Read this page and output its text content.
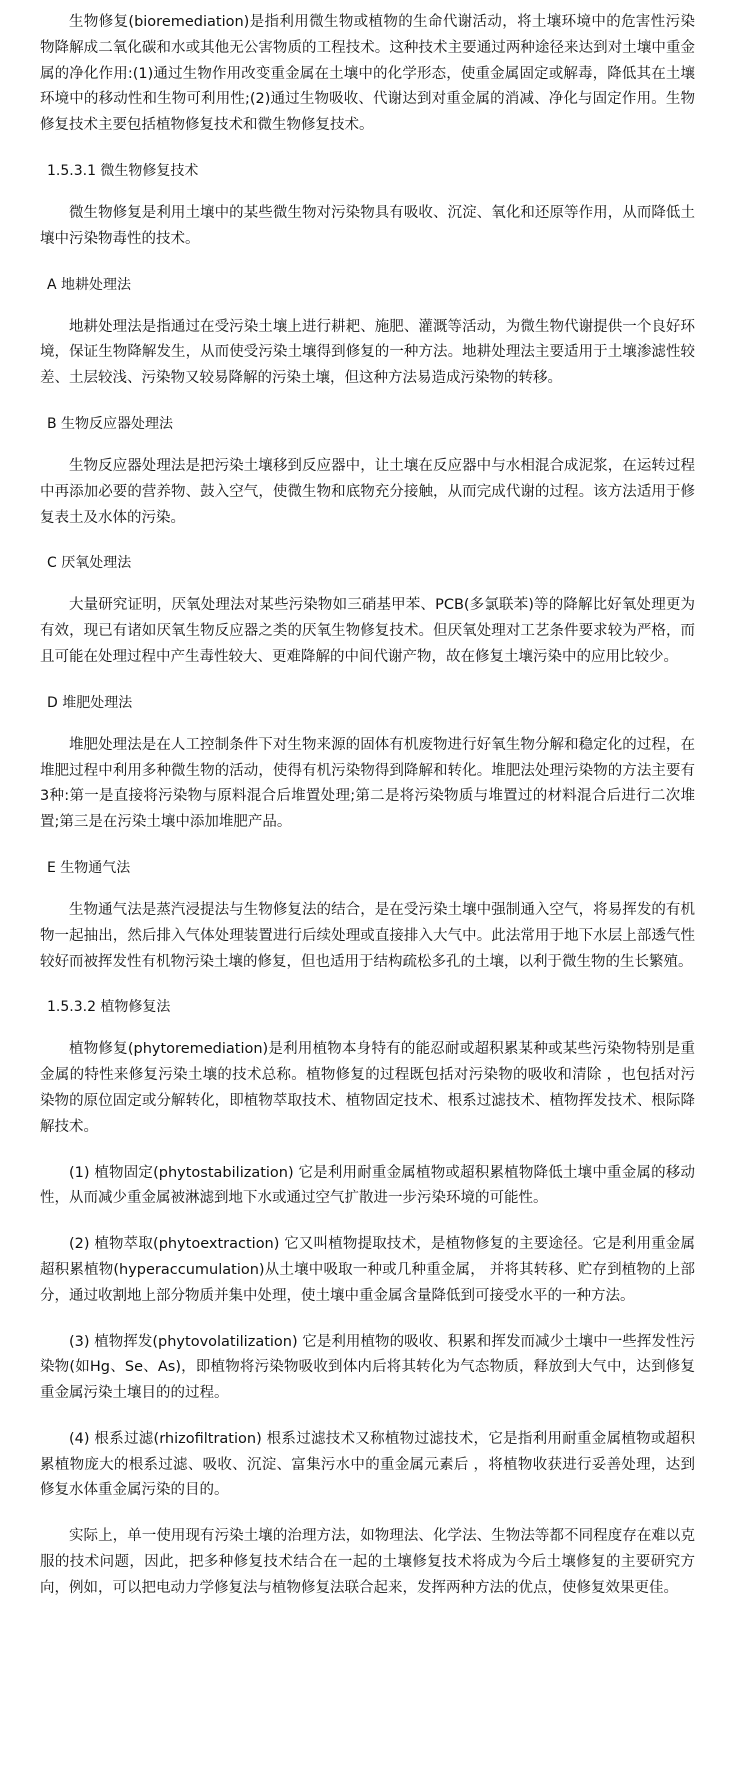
生物修复(bioremediation)是指利用微生物或植物的生命代谢活动，将土壤环境中的危害性污染物降解成二氧化碳和水或其他无公害物质的工程技术。这种技术主要通过两种途径来达到对土壤中重金属的净化作用:(1)通过生物作用改变重金属在土壤中的化学形态，使重金属固定或解毒，降低其在土壤环境中的移动性和生物可利用性;(2)通过生物吸收、代谢达到对重金属的消减、净化与固定作用。生物修复技术主要包括植物修复技术和微生物修复技术。

1.5.3.1 微生物修复技术

微生物修复是利用土壤中的某些微生物对污染物具有吸收、沉淀、氧化和还原等作用，从而降低土壤中污染物毒性的技术。

A 地耕处理法

地耕处理法是指通过在受污染土壤上进行耕耙、施肥、灌溉等活动，为微生物代谢提供一个良好环境，保证生物降解发生，从而使受污染土壤得到修复的一种方法。地耕处理法主要适用于土壤渗滤性较差、土层较浅、污染物又较易降解的污染土壤，但这种方法易造成污染物的转移。

B 生物反应器处理法

生物反应器处理法是把污染土壤移到反应器中，让土壤在反应器中与水相混合成泥浆，在运转过程中再添加必要的营养物、鼓入空气，使微生物和底物充分接触，从而完成代谢的过程。该方法适用于修复表土及水体的污染。

C 厌氧处理法

大量研究证明，厌氧处理法对某些污染物如三硝基甲苯、PCB(多氯联苯)等的降解比好氧处理更为有效，现已有诸如厌氧生物反应器之类的厌氧生物修复技术。但厌氧处理对工艺条件要求较为严格，而且可能在处理过程中产生毒性较大、更难降解的中间代谢产物，故在修复土壤污染中的应用比较少。

D 堆肥处理法

堆肥处理法是在人工控制条件下对生物来源的固体有机废物进行好氧生物分解和稳定化的过程，在堆肥过程中利用多种微生物的活动，使得有机污染物得到降解和转化。堆肥法处理污染物的方法主要有3种:第一是直接将污染物与原料混合后堆置处理;第二是将污染物质与堆置过的材料混合后进行二次堆置;第三是在污染土壤中添加堆肥产品。

E 生物通气法

生物通气法是蒸汽浸提法与生物修复法的结合，是在受污染土壤中强制通入空气，将易挥发的有机物一起抽出，然后排入气体处理装置进行后续处理或直接排入大气中。此法常用于地下水层上部透气性较好而被挥发性有机物污染土壤的修复，但也适用于结构疏松多孔的土壤，以利于微生物的生长繁殖。

1.5.3.2 植物修复法

植物修复(phytoremediation)是利用植物本身特有的能忍耐或超积累某种或某些污染物特别是重金属的特性来修复污染土壤的技术总称。植物修复的过程既包括对污染物的吸收和清除 ，也包括对污染物的原位固定或分解转化，即植物萃取技术、植物固定技术、根系过滤技术、植物挥发技术、根际降解技术。

(1) 植物固定(phytostabilization) 它是利用耐重金属植物或超积累植物降低土壤中重金属的移动性，从而减少重金属被淋滤到地下水或通过空气扩散进一步污染环境的可能性。

(2) 植物萃取(phytoextraction) 它又叫植物提取技术，是植物修复的主要途径。它是利用重金属超积累植物(hyperaccumulation)从土壤中吸取一种或几种重金属， 并将其转移、贮存到植物的上部分，通过收割地上部分物质并集中处理，使土壤中重金属含量降低到可接受水平的一种方法。

(3) 植物挥发(phytovolatilization) 它是利用植物的吸收、积累和挥发而减少土壤中一些挥发性污染物(如Hg、Se、As)，即植物将污染物吸收到体内后将其转化为气态物质，释放到大气中，达到修复重金属污染土壤目的的过程。

(4) 根系过滤(rhizofiltration) 根系过滤技术又称植物过滤技术，它是指利用耐重金属植物或超积累植物庞大的根系过滤、吸收、沉淀、富集污水中的重金属元素后 ，将植物收获进行妥善处理，达到修复水体重金属污染的目的。

实际上，单一使用现有污染土壤的治理方法，如物理法、化学法、生物法等都不同程度存在难以克服的技术问题，因此，把多种修复技术结合在一起的土壤修复技术将成为今后土壤修复的主要研究方向，例如，可以把电动力学修复法与植物修复法联合起来，发挥两种方法的优点，使修复效果更佳。
